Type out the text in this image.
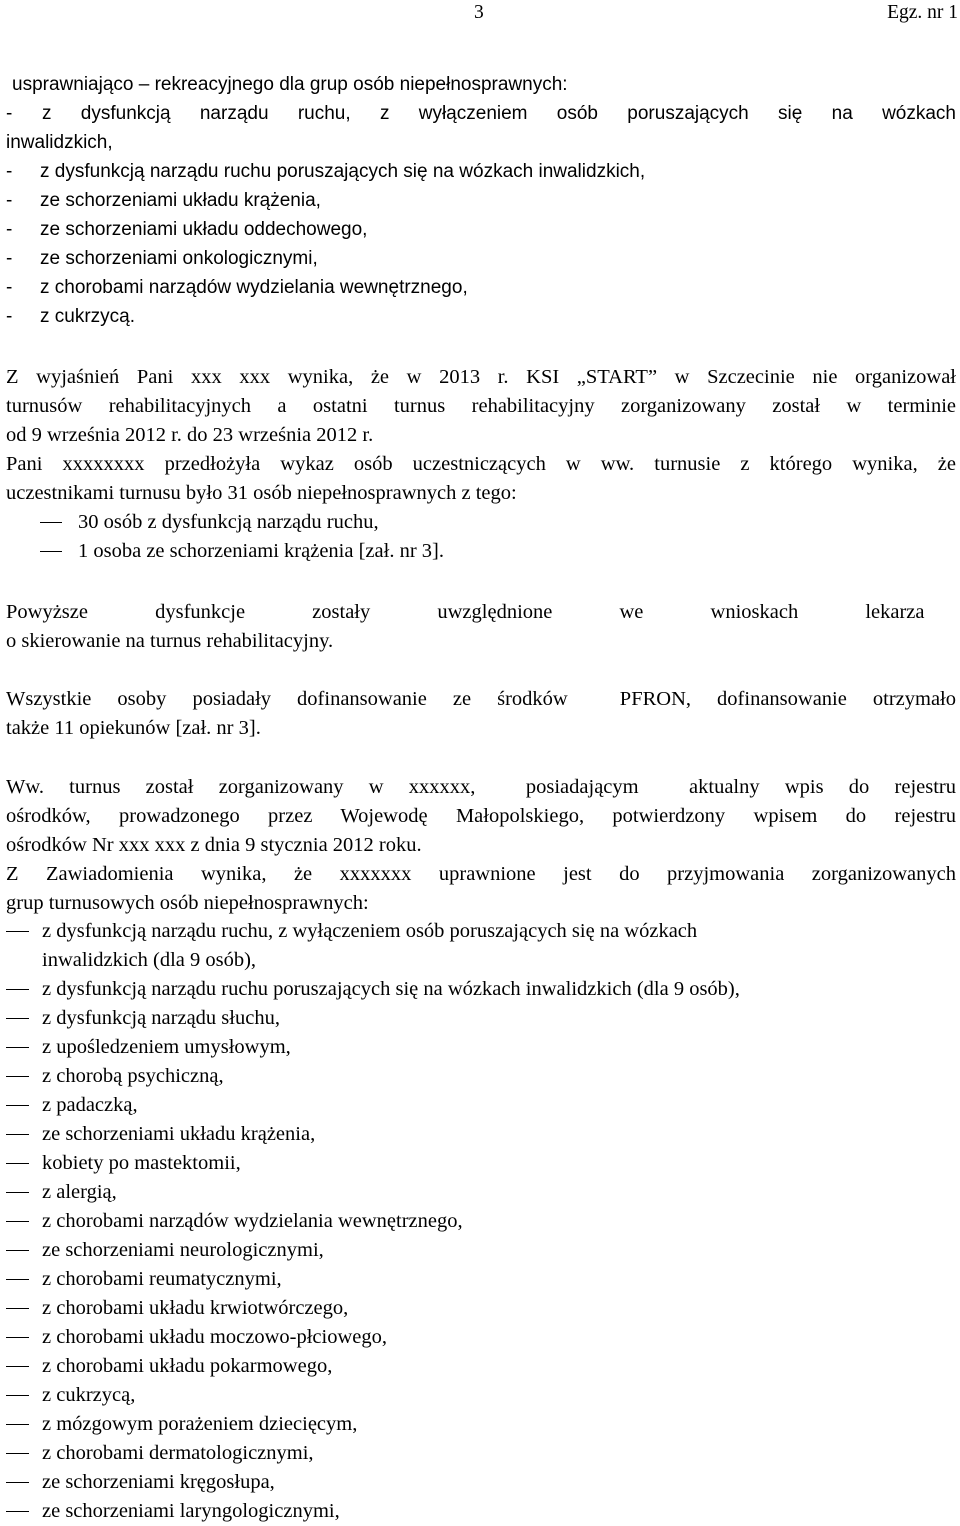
3	Egz. nr 1
usprawniająco – rekreacyjnego dla grup osób niepełnosprawnych:
-	z dysfunkcją narządu ruchu, z wyłączeniem osób poruszających się na wózkach
inwalidzkich,
-	z dysfunkcją narządu ruchu poruszających się na wózkach inwalidzkich,
-	ze schorzeniami układu krążenia,
-	ze schorzeniami układu oddechowego,
-	ze schorzeniami onkologicznymi,
-	z chorobami narządów wydzielania wewnętrznego,
-	z cukrzycą.
Z wyjaśnień Pani xxx xxx wynika, że w 2013 r. KSI „START” w Szczecinie nie organizował
turnusów rehabilitacyjnych a ostatni turnus rehabilitacyjny zorganizowany został w terminie
od 9 września 2012 r. do 23 września 2012 r.
Pani xxxxxxxx przedłożyła wykaz osób uczestniczących w ww. turnusie z którego wynika, że
uczestnikami turnusu było 31 osób niepełnosprawnych z tego:
30 osób z dysfunkcją narządu ruchu,
1 osoba ze schorzeniami krążenia [zał. nr 3].
Powyższe dysfunkcje zostały uwzględnione we wnioskach lekarza
o skierowanie na turnus rehabilitacyjny.
Wszystkie osoby posiadały dofinansowanie ze środków  PFRON, dofinansowanie otrzymało
także 11 opiekunów [zał. nr 3].
Ww. turnus został zorganizowany w xxxxxx,  posiadającym  aktualny wpis do rejestru
ośrodków, prowadzonego przez Wojewodę Małopolskiego, potwierdzony wpisem do rejestru
ośrodków Nr xxx xxx z dnia 9 stycznia 2012 roku.
Z Zawiadomienia wynika, że xxxxxxx uprawnione jest do przyjmowania zorganizowanych
grup turnusowych osób niepełnosprawnych:
z dysfunkcją narządu ruchu, z wyłączeniem osób poruszających się na wózkach
inwalidzkich (dla 9 osób),
z dysfunkcją narządu ruchu poruszających się na wózkach inwalidzkich (dla 9 osób),
z dysfunkcją narządu słuchu,
z upośledzeniem umysłowym,
z chorobą psychiczną,
z padaczką,
ze schorzeniami układu krążenia,
kobiety po mastektomii,
z alergią,
z chorobami narządów wydzielania wewnętrznego,
ze schorzeniami neurologicznymi,
z chorobami reumatycznymi,
z chorobami układu krwiotwórczego,
z chorobami układu moczowo-płciowego,
z chorobami układu pokarmowego,
z cukrzycą,
z mózgowym porażeniem dziecięcym,
z chorobami dermatologicznymi,
ze schorzeniami kręgosłupa,
ze schorzeniami laryngologicznymi,
